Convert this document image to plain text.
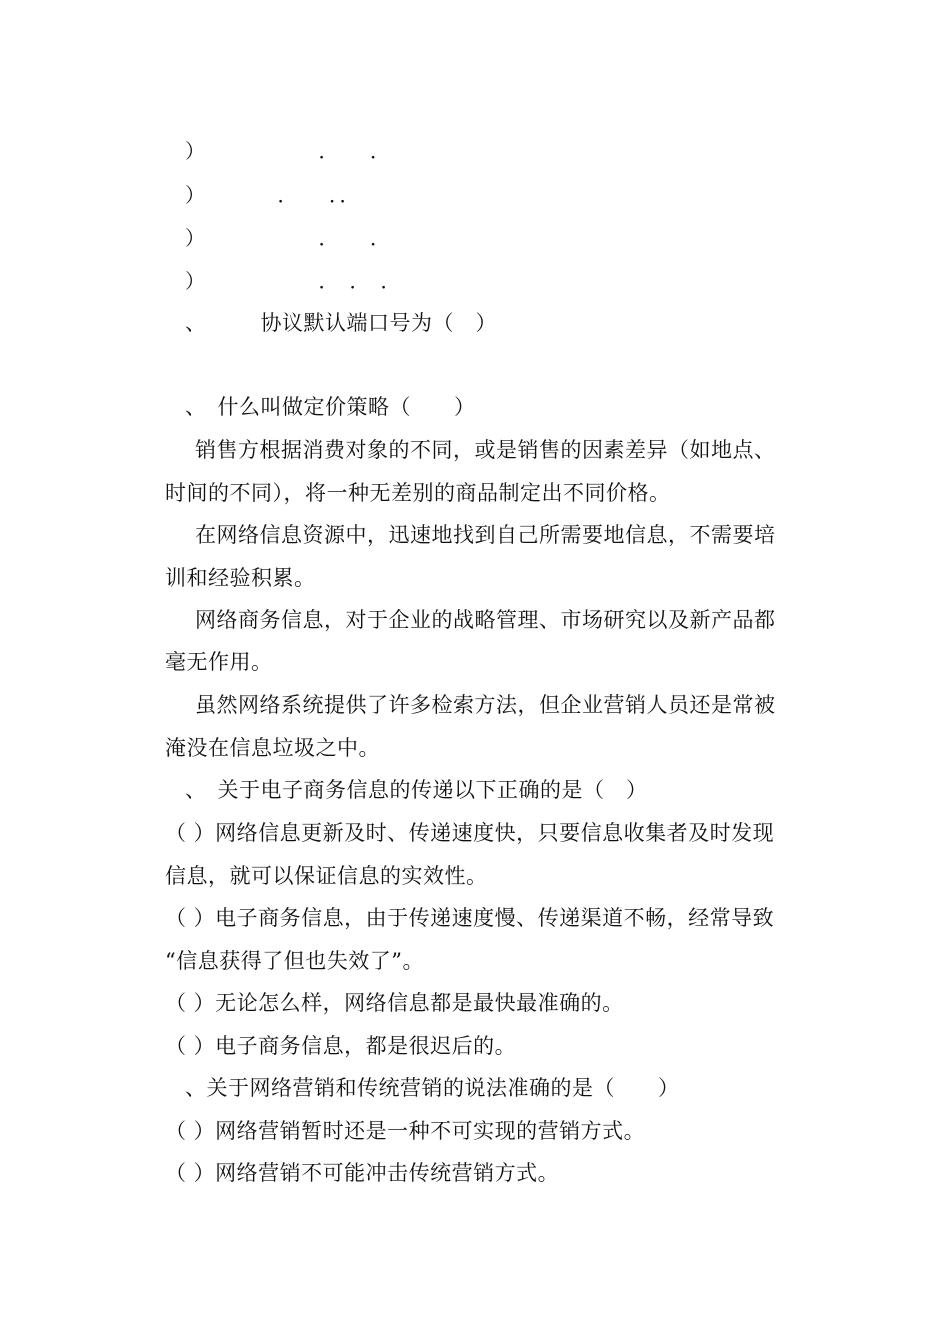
）　　　　　　．　　．
）　　　　．　　．．
）　　　　　　．　　．
）　　　　　　．　．　．
、　　　协议默认端口号为（　）
、　什么叫做定价策略（　　）
销售方根据消费对象的不同，或是销售的因素差异（如地点、
时间的不同），将一种无差别的商品制定出不同价格。
在网络信息资源中，迅速地找到自己所需要地信息，不需要培
训和经验积累。
网络商务信息，对于企业的战略管理、市场研究以及新产品都
毫无作用。
虽然网络系统提供了许多检索方法，但企业营销人员还是常被
淹没在信息垃圾之中。
、　关于电子商务信息的传递以下正确的是（　）
（ ）网络信息更新及时、传递速度快，只要信息收集者及时发现
信息，就可以保证信息的实效性。
（ ）电子商务信息，由于传递速度慢、传递渠道不畅，经常导致
“信息获得了但也失效了”。
（ ）无论怎么样，网络信息都是最快最准确的。
（ ）电子商务信息，都是很迟后的。
、关于网络营销和传统营销的说法准确的是（　　）
（ ）网络营销暂时还是一种不可实现的营销方式。
（ ）网络营销不可能冲击传统营销方式。
